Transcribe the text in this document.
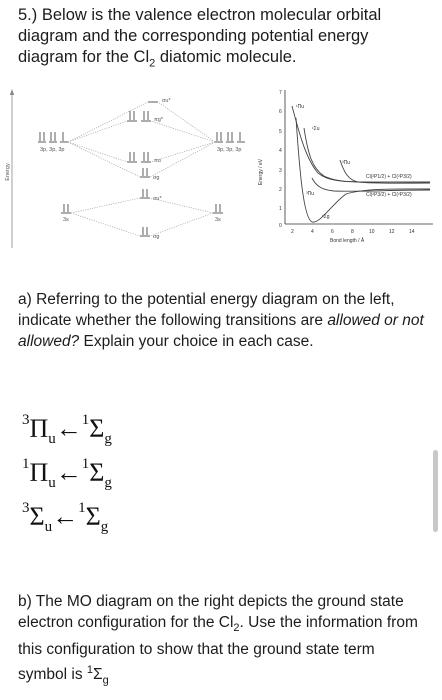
5.) Below is the valence electron molecular orbital diagram and the corresponding potential energy diagram for the $Cl_2$ diatomic molecule.
Energy
3p, 3p, 3p	3p, 3p, 3p
σu*
πg*
πu
σg
σu*
σg
3s	3s
Energy / eV
7
6
5
4
3
2
1
0
2	4	6	8	10	12	14
Bond length / Å
¹Πu
¹Σu
³Πu
³Πu
¹Σg
Cl(²P1/2) + Cl(²P3/2)
Cl(²P3/2) + Cl(²P3/2)
a) Referring to the potential energy diagram on the left, indicate whether the following transitions are allowed or not allowed? Explain your choice in each case.
$^3\Pi_u\leftarrow^1\Sigma_g$
$^1\Pi_u\leftarrow^1\Sigma_g$
$^3\Sigma_u\leftarrow^1\Sigma_g$
b) The MO diagram on the right depicts the ground state electron configuration for the $Cl_2$. Use the information from this configuration to show that the ground state term symbol is $^1\Sigma_g$
